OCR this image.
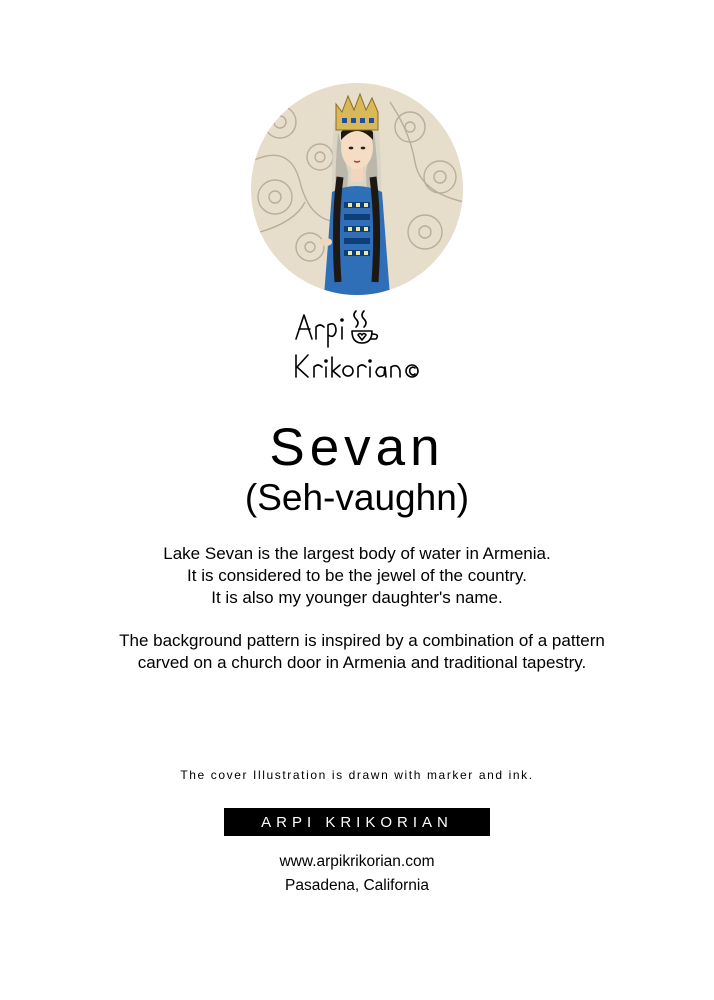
Sevan
(Seh-vaughn)
Lake Sevan is the largest body of water in Armenia.
It is considered to be the jewel of the country.
It is also my younger daughter's name.
The background pattern is inspired by a combination of a pattern
carved on a church door in Armenia and traditional tapestry.
The cover Illustration is drawn with marker and ink.
ARPI KRIKORIAN
www.arpikrikorian.com
Pasadena, California
